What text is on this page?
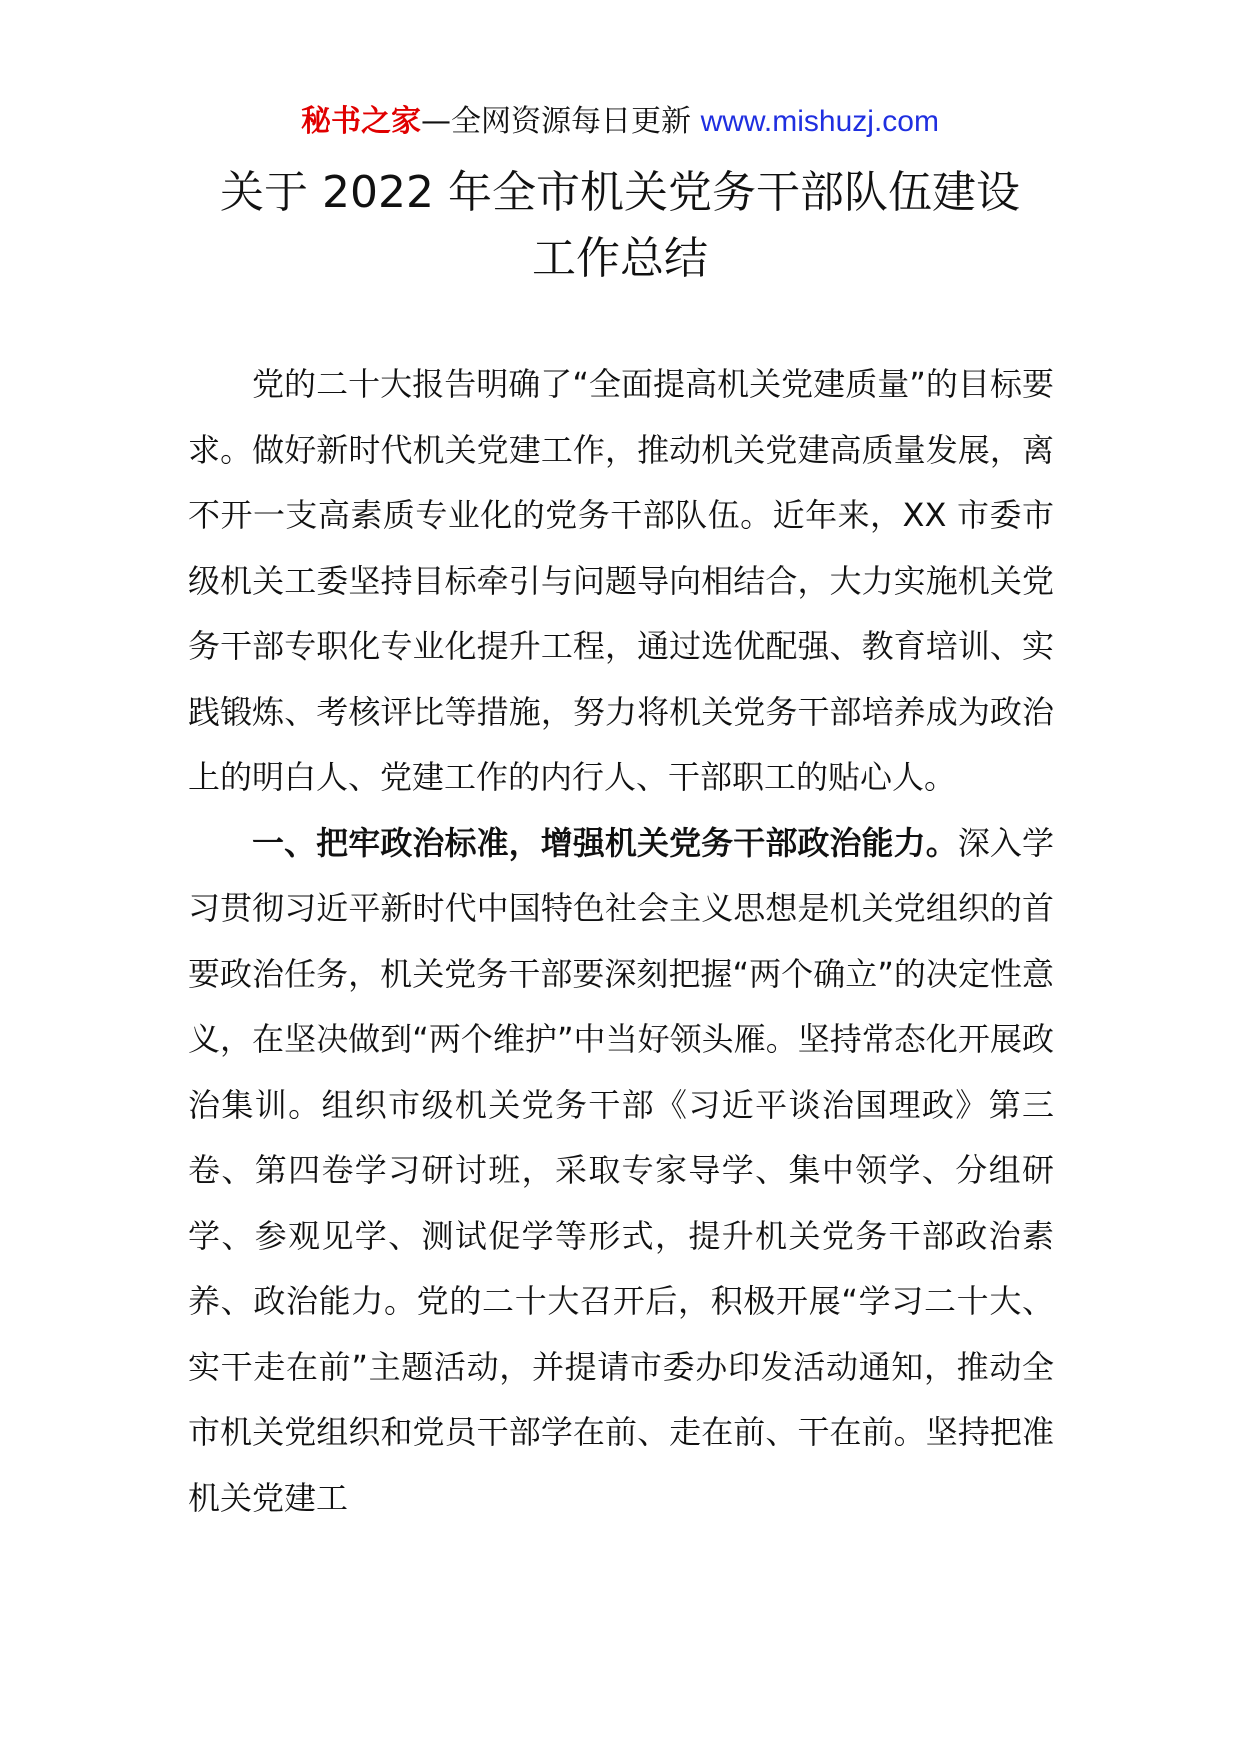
秘书之家—全网资源每日更新 www.mishuzj.com
关于 2022 年全市机关党务干部队伍建设
工作总结

党的二十大报告明确了“全面提高机关党建质量”的目标要求。做好新时代机关党建工作，推动机关党建高质量发展，离不开一支高素质专业化的党务干部队伍。近年来，XX 市委市级机关工委坚持目标牵引与问题导向相结合，大力实施机关党务干部专职化专业化提升工程，通过选优配强、教育培训、实践锻炼、考核评比等措施，努力将机关党务干部培养成为政治上的明白人、党建工作的内行人、干部职工的贴心人。

一、把牢政治标准，增强机关党务干部政治能力。深入学习贯彻习近平新时代中国特色社会主义思想是机关党组织的首要政治任务，机关党务干部要深刻把握“两个确立”的决定性意义，在坚决做到“两个维护”中当好领头雁。坚持常态化开展政治集训。组织市级机关党务干部《习近平谈治国理政》第三卷、第四卷学习研讨班，采取专家导学、集中领学、分组研学、参观见学、测试促学等形式，提升机关党务干部政治素养、政治能力。党的二十大召开后，积极开展“学习二十大、实干走在前”主题活动，并提请市委办印发活动通知，推动全市机关党组织和党员干部学在前、走在前、干在前。坚持把准机关党建工
